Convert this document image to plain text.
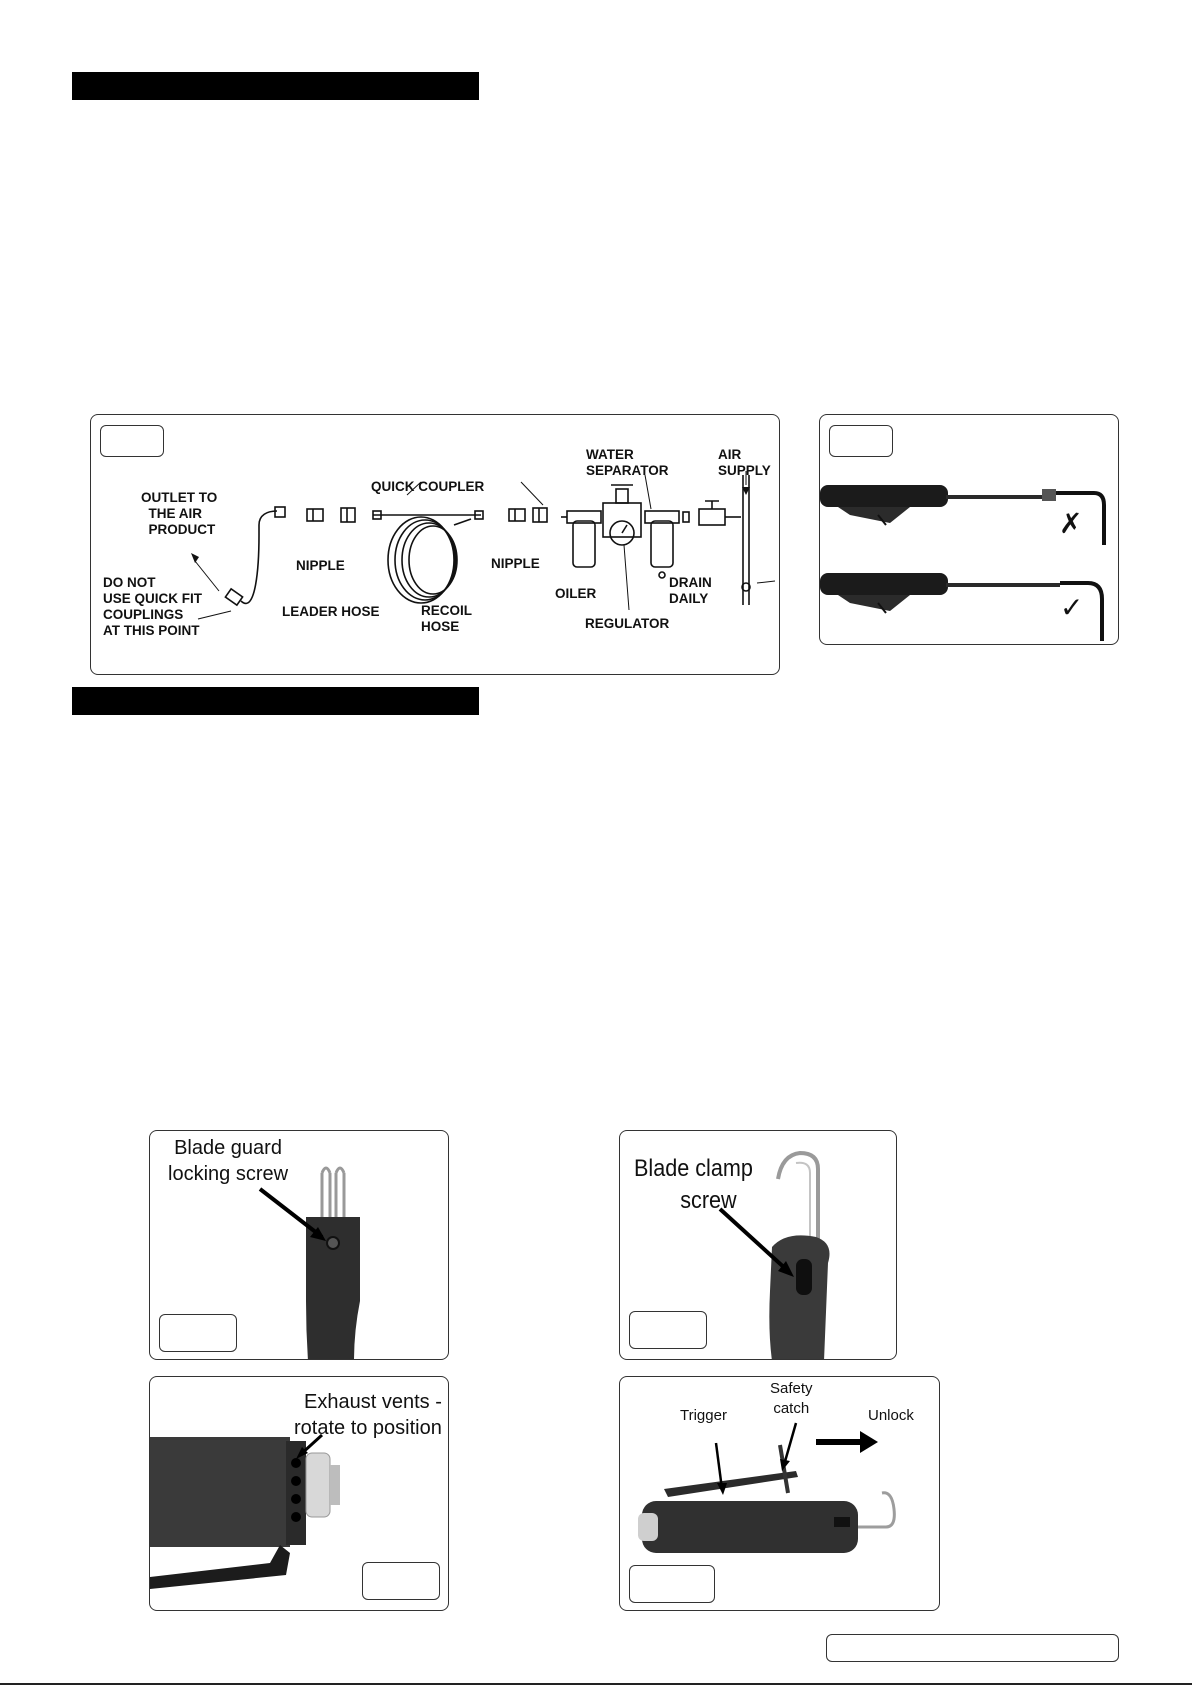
OUTLET TO
THE AIR
PRODUCT
DO NOT
USE QUICK FIT
COUPLINGS
AT THIS POINT
NIPPLE
LEADER HOSE
QUICK COUPLER
RECOIL
HOSE
NIPPLE
WATER
SEPARATOR
AIR
SUPPLY
OILER
REGULATOR
DRAIN
DAILY
✗
✓
Blade guard
locking screw	Blade clamp
screw
Exhaust vents -
rotate to position
Trigger
Safety
catch	Unlock
